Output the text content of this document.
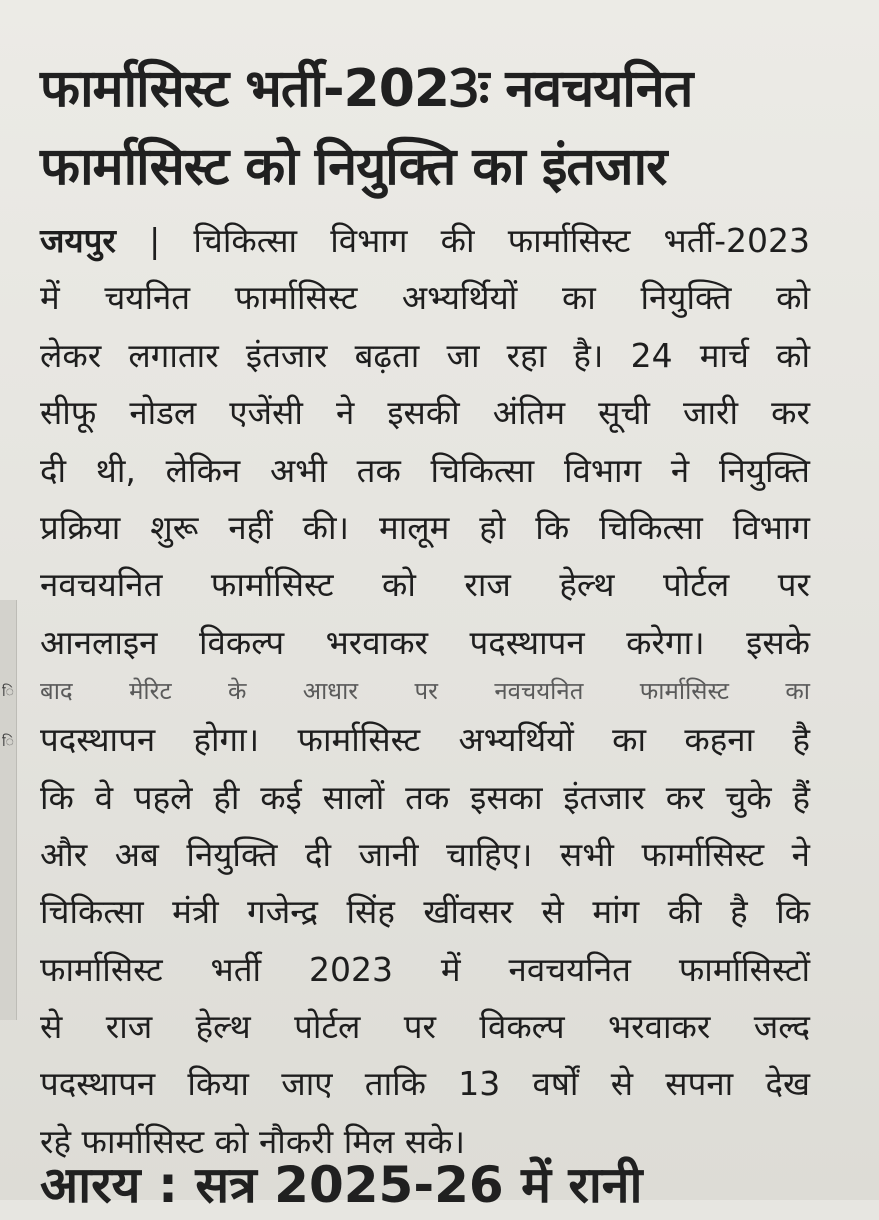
ि
ि
फार्मासिस्ट भर्ती-2023ः नवचयनित
फार्मासिस्ट को नियुक्ति का इंतजार
जयपुर | चिकित्सा विभाग की फार्मासिस्ट भर्ती-2023
में चयनित फार्मासिस्ट अभ्यर्थियों का नियुक्ति को
लेकर लगातार इंतजार बढ़ता जा रहा है। 24 मार्च को
सीफू नोडल एजेंसी ने इसकी अंतिम सूची जारी कर
दी थी, लेकिन अभी तक चिकित्सा विभाग ने नियुक्ति
प्रक्रिया शुरू नहीं की। मालूम हो कि चिकित्सा विभाग
नवचयनित फार्मासिस्ट को राज हेल्थ पोर्टल पर
आनलाइन विकल्प भरवाकर पदस्थापन करेगा। इसके
बाद मेरिट के आधार पर नवचयनित फार्मासिस्ट का
पदस्थापन होगा। फार्मासिस्ट अभ्यर्थियों का कहना है
कि वे पहले ही कई सालों तक इसका इंतजार कर चुके हैं
और अब नियुक्ति दी जानी चाहिए। सभी फार्मासिस्ट ने
चिकित्सा मंत्री गजेन्द्र सिंह खींवसर से मांग की है कि
फार्मासिस्ट भर्ती 2023 में नवचयनित फार्मासिस्टों
से राज हेल्थ पोर्टल पर विकल्प भरवाकर जल्द
पदस्थापन किया जाए ताकि 13 वर्षों से सपना देख
रहे फार्मासिस्ट को नौकरी मिल सके।
आरय : सत्र 2025-26 में रानी
